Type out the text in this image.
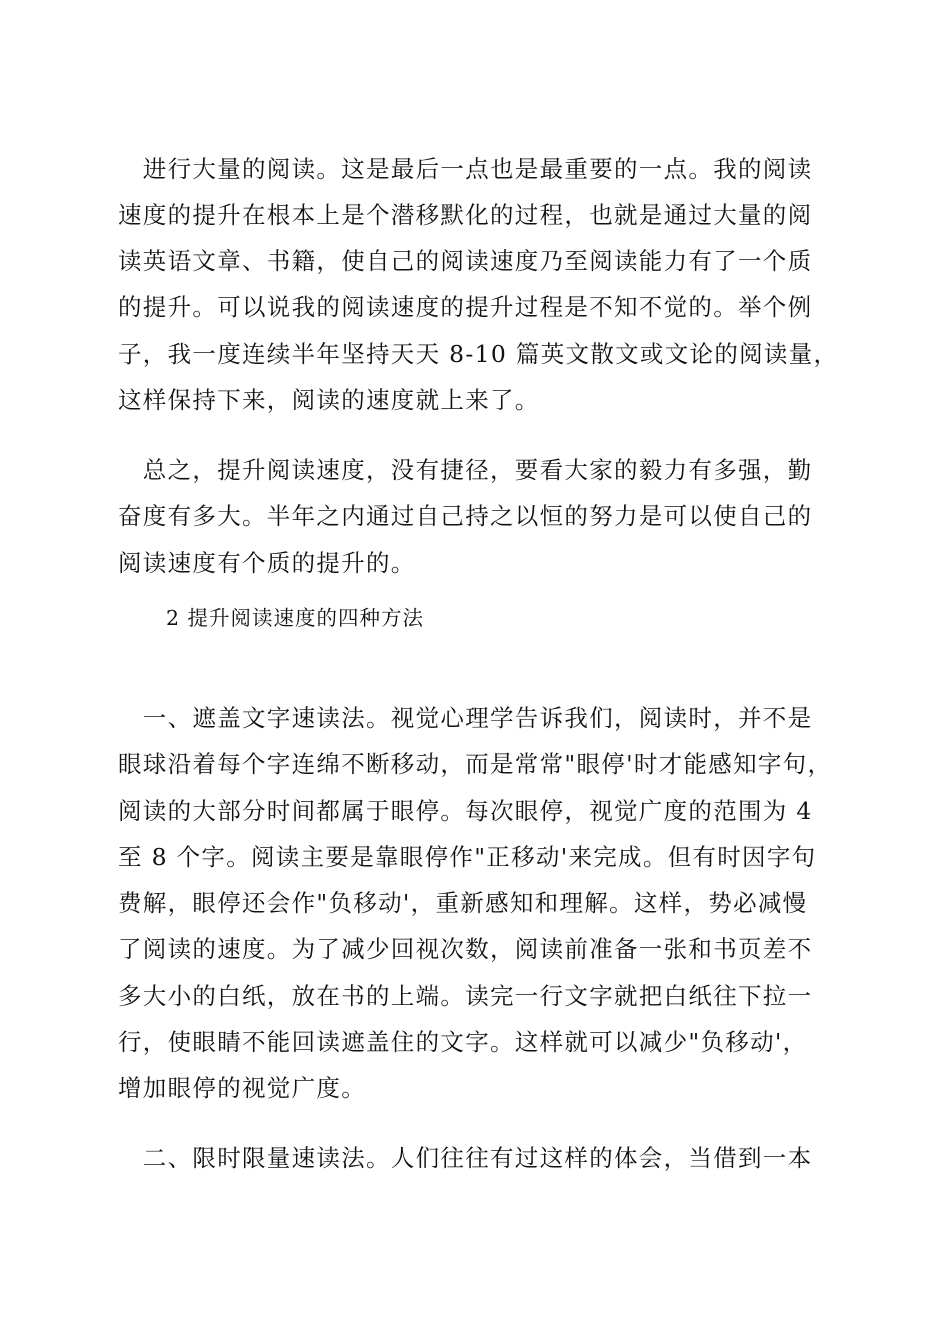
　进行大量的阅读。这是最后一点也是最重要的一点。我的阅读
速度的提升在根本上是个潜移默化的过程，也就是通过大量的阅
读英语文章、书籍，使自己的阅读速度乃至阅读能力有了一个质
的提升。可以说我的阅读速度的提升过程是不知不觉的。举个例
子，我一度连续半年坚持天天 8-10 篇英文散文或文论的阅读量，
这样保持下来，阅读的速度就上来了。
　总之，提升阅读速度，没有捷径，要看大家的毅力有多强，勤
奋度有多大。半年之内通过自己持之以恒的努力是可以使自己的
阅读速度有个质的提升的。
2 提升阅读速度的四种方法
　一、遮盖文字速读法。视觉心理学告诉我们，阅读时，并不是
眼球沿着每个字连绵不断移动，而是常常"眼停'时才能感知字句，
阅读的大部分时间都属于眼停。每次眼停，视觉广度的范围为 4
至 8 个字。阅读主要是靠眼停作"正移动'来完成。但有时因字句
费解，眼停还会作"负移动'，重新感知和理解。这样，势必减慢
了阅读的速度。为了减少回视次数，阅读前准备一张和书页差不
多大小的白纸，放在书的上端。读完一行文字就把白纸往下拉一
行，使眼睛不能回读遮盖住的文字。这样就可以减少"负移动'，
增加眼停的视觉广度。
　二、限时限量速读法。人们往往有过这样的体会，当借到一本
